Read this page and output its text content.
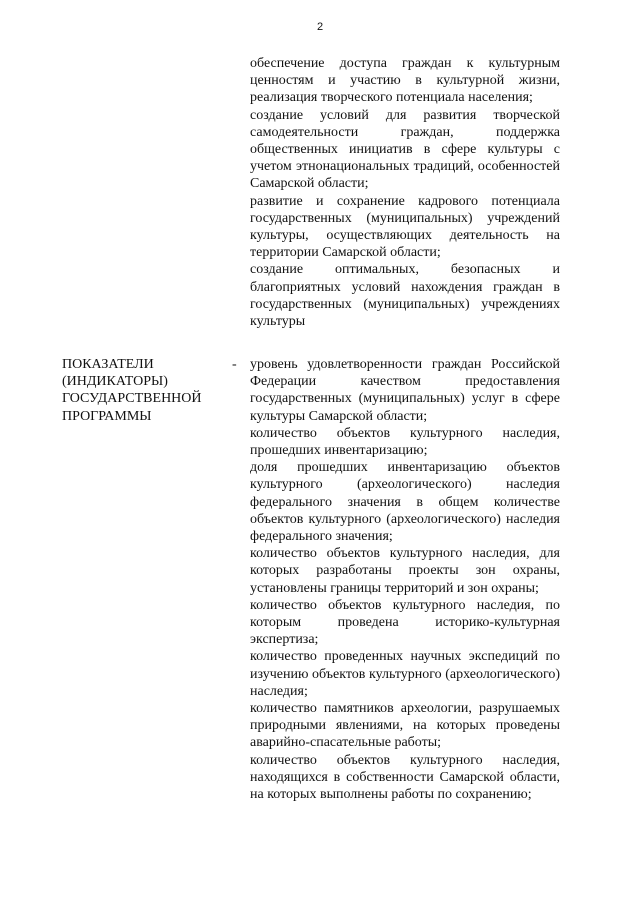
2

обеспечение доступа граждан к культурным ценностям и участию в культурной жизни, реализация творческого потенциала населения;

создание условий для развития творческой самодеятельности граждан, поддержка общественных инициатив в сфере культуры с учетом этнонациональных традиций, особенностей Самарской области;

развитие и сохранение кадрового потенциала государственных (муниципальных) учреждений культуры, осуществляющих деятельность на территории Самарской области;

создание оптимальных, безопасных и благоприятных условий нахождения граждан в государственных (муниципальных) учреждениях культуры

ПОКАЗАТЕЛИ
(ИНДИКАТОРЫ)
ГОСУДАРСТВЕННОЙ
ПРОГРАММЫ
- уровень удовлетворенности граждан Российской Федерации качеством предоставления государственных (муниципальных) услуг в сфере культуры Самарской области;

количество объектов культурного наследия, прошедших инвентаризацию;

доля прошедших инвентаризацию объектов культурного (археологического) наследия федерального значения в общем количестве объектов культурного (археологического) наследия федерального значения;

количество объектов культурного наследия, для которых разработаны проекты зон охраны, установлены границы территорий и зон охраны;

количество объектов культурного наследия, по которым проведена историко-культурная экспертиза;

количество проведенных научных экспедиций по изучению объектов культурного (археологического) наследия;

количество памятников археологии, разрушаемых природными явлениями, на которых проведены аварийно-спасательные работы;

количество объектов культурного наследия, находящихся в собственности Самарской области, на которых выполнены работы по сохранению;
